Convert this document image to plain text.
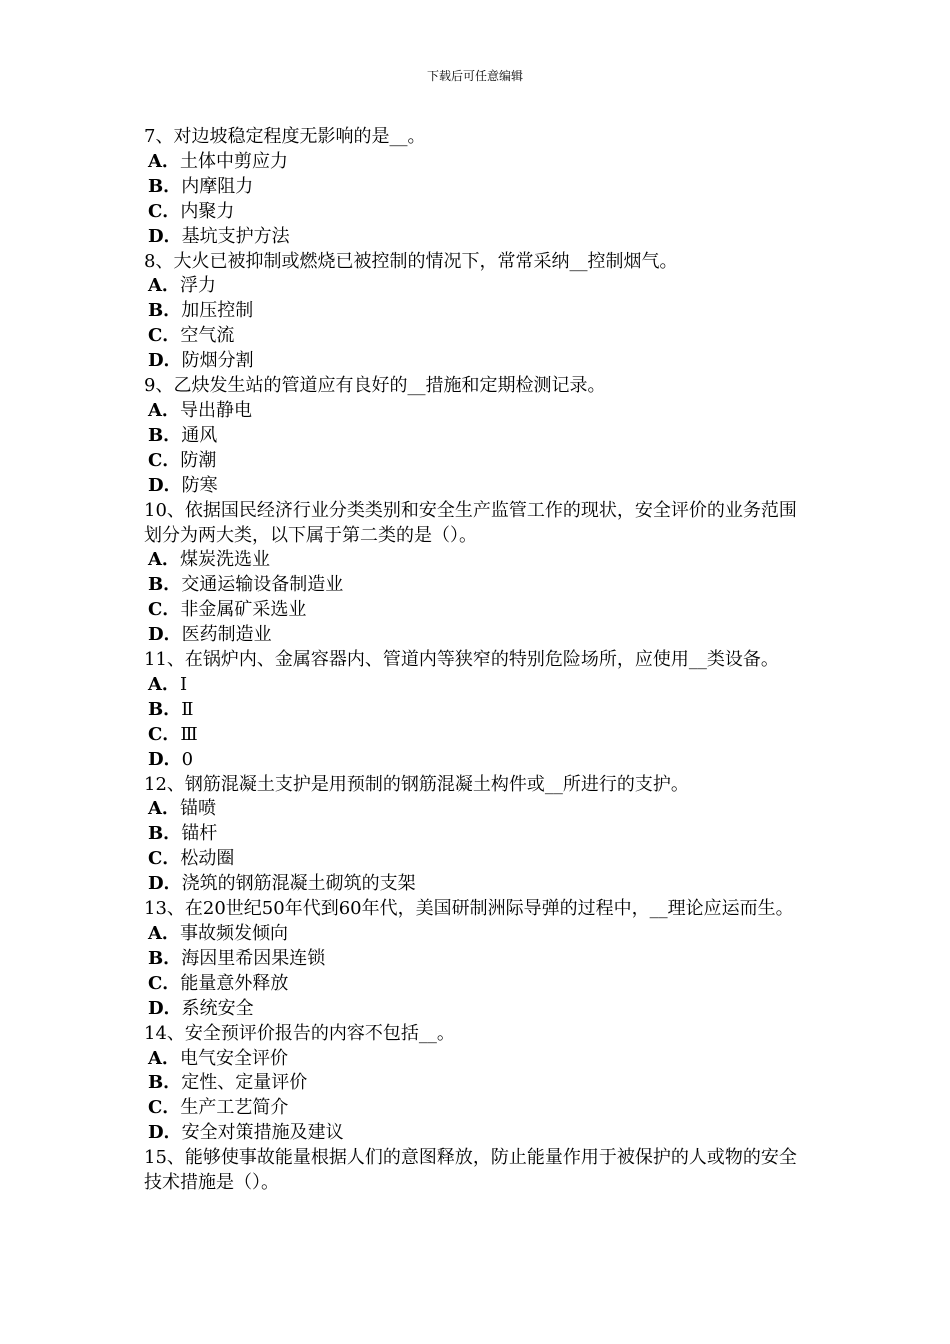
下载后可任意编辑
7、对边坡稳定程度无影响的是__。
A．土体中剪应力
B．内摩阻力
C．内聚力
D．基坑支护方法
8、大火已被抑制或燃烧已被控制的情况下，常常采纳__控制烟气。
A．浮力
B．加压控制
C．空气流
D．防烟分割
9、乙炔发生站的管道应有良好的__措施和定期检测记录。
A．导出静电
B．通风
C．防潮
D．防寒
10、依据国民经济行业分类类别和安全生产监管工作的现状，安全评价的业务范围划分为两大类，以下属于第二类的是（）。
A．煤炭洗选业
B．交通运输设备制造业
C．非金属矿采选业
D．医药制造业
11、在锅炉内、金属容器内、管道内等狭窄的特别危险场所，应使用__类设备。
A．Ⅰ
B．Ⅱ
C．Ⅲ
D．0
12、钢筋混凝土支护是用预制的钢筋混凝土构件或__所进行的支护。
A．锚喷
B．锚杆
C．松动圈
D．浇筑的钢筋混凝土砌筑的支架
13、在20世纪50年代到60年代，美国研制洲际导弹的过程中，__理论应运而生。
A．事故频发倾向
B．海因里希因果连锁
C．能量意外释放
D．系统安全
14、安全预评价报告的内容不包括__。
A．电气安全评价
B．定性、定量评价
C．生产工艺简介
D．安全对策措施及建议
15、能够使事故能量根据人们的意图释放，防止能量作用于被保护的人或物的安全技术措施是（）。
